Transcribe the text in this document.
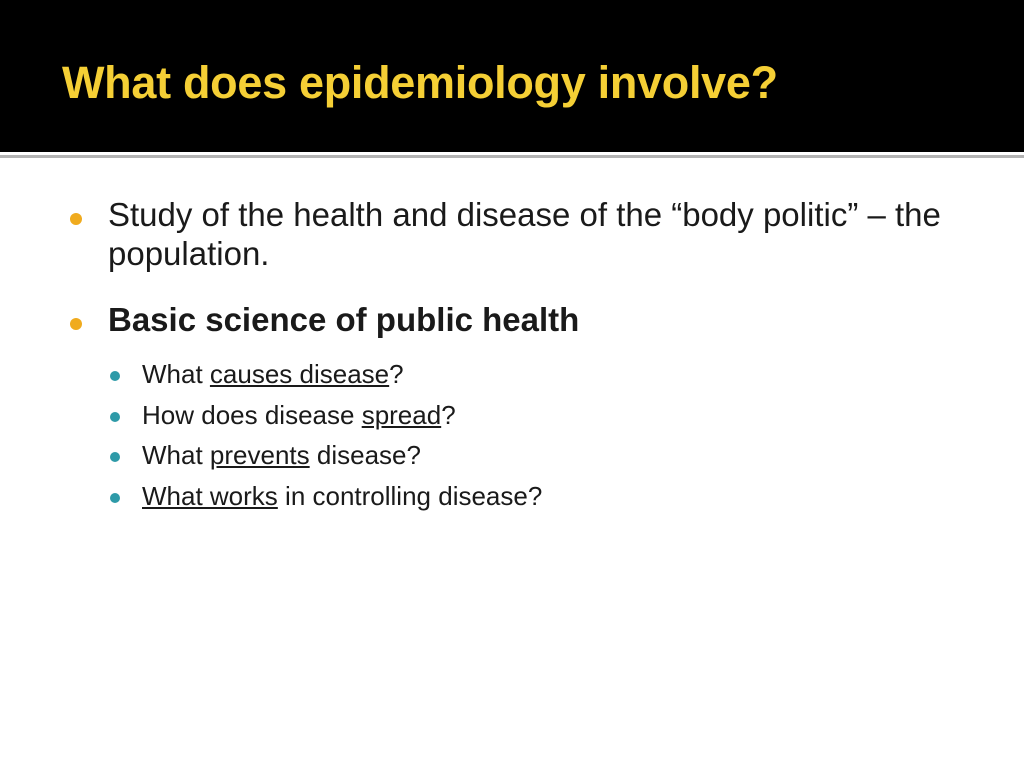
What does epidemiology involve?
Study of the health and disease of the “body politic” – the population.
Basic science of public health
What causes disease?
How does disease spread?
What prevents disease?
What works in controlling disease?
